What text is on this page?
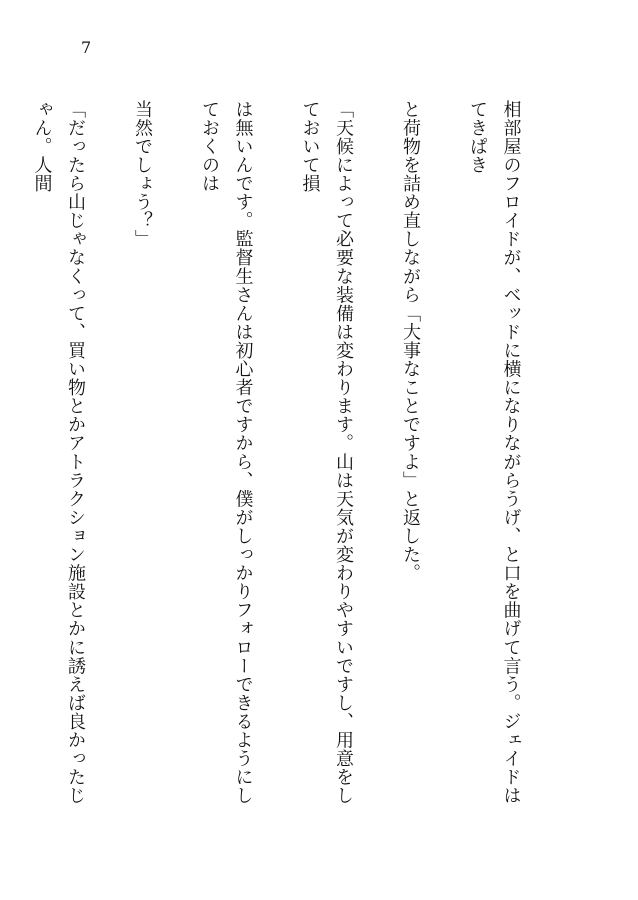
7

相部屋のフロイドが、ベッドに横になりながらうげ、と口を曲げて言う。ジェイドはてきぱき

と荷物を詰め直しながら「大事なことですよ」と返した。

「天候によって必要な装備は変わります。山は天気が変わりやすいですし、用意をしておいて損

は無いんです。監督生さんは初心者ですから、僕がしっかりフォローできるようにしておくのは

当然でしょう？」

「だったら山じゃなくって、買い物とかアトラクション施設とかに誘えば良かったじゃん。人間
